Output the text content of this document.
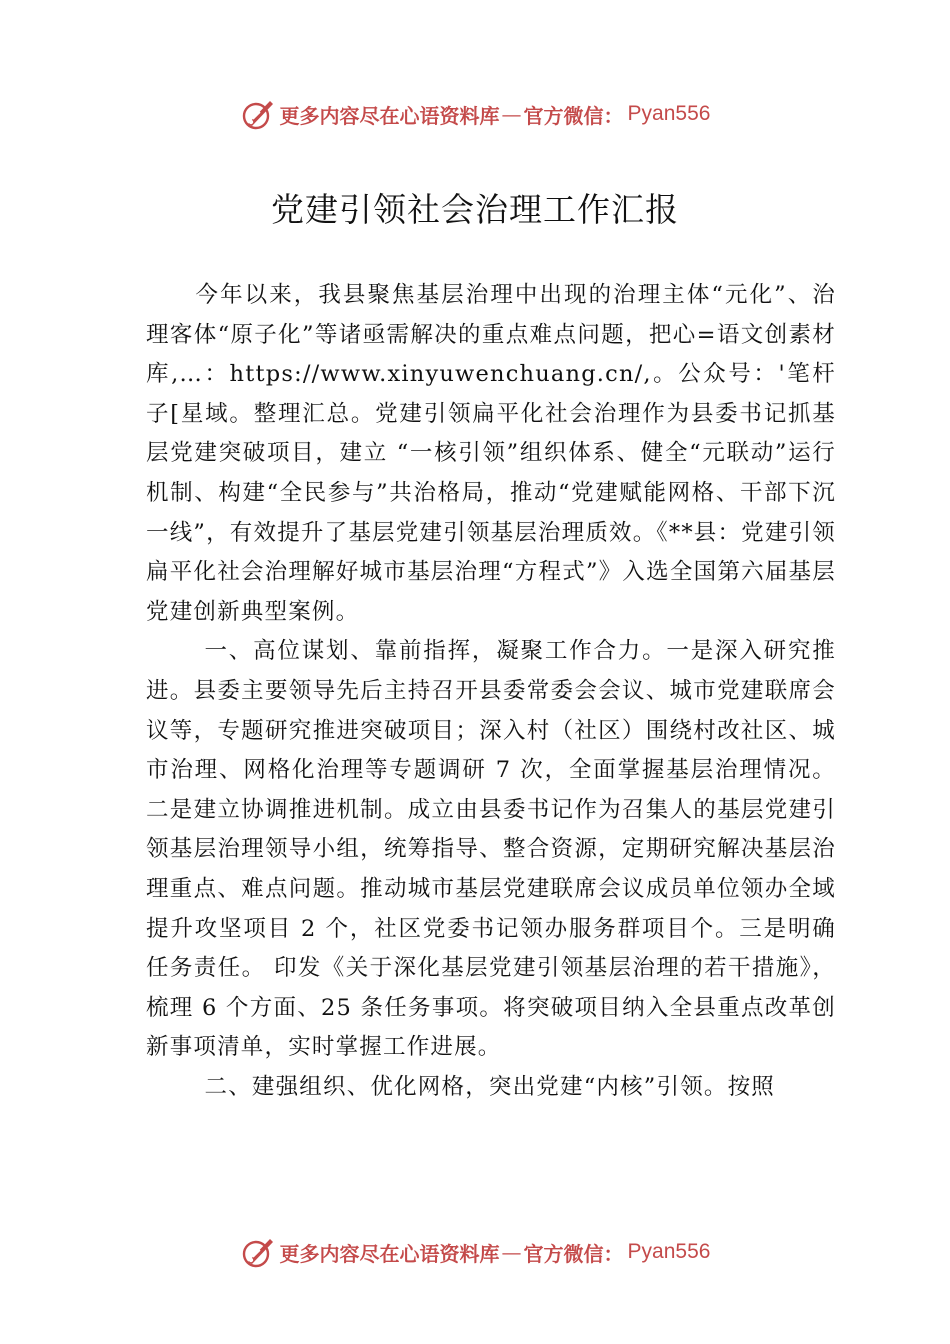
更多内容尽在心语资料库 — 官方微信： Pyan556
党建引领社会治理工作汇报

今年以来，我县聚焦基层治理中出现的治理主体“元化”、治理客体“原子化”等诸亟需解决的重点难点问题，把心=语文创素材库,…：https://www.xinyuwenchuang.cn/,。公众号：'笔杆子[星域。整理汇总。党建引领扁平化社会治理作为县委书记抓基层党建突破项目，建立 “一核引领”组织体系、健全“元联动”运行机制、构建“全民参与”共治格局，推动“党建赋能网格、干部下沉一线”，有效提升了基层党建引领基层治理质效。《**县：党建引领扁平化社会治理解好城市基层治理“方程式”》入选全国第六届基层党建创新典型案例。

一、高位谋划、靠前指挥，凝聚工作合力。一是深入研究推进。县委主要领导先后主持召开县委常委会会议、城市党建联席会议等，专题研究推进突破项目；深入村（社区）围绕村改社区、城市治理、网格化治理等专题调研 7 次，全面掌握基层治理情况。二是建立协调推进机制。成立由县委书记作为召集人的基层党建引领基层治理领导小组，统筹指导、整合资源，定期研究解决基层治理重点、难点问题。推动城市基层党建联席会议成员单位领办全域提升攻坚项目 2 个，社区党委书记领办服务群项目个。三是明确任务责任。 印发《关于深化基层党建引领基层治理的若干措施》，梳理 6 个方面、25 条任务事项。将突破项目纳入全县重点改革创新事项清单，实时掌握工作进展。

二、建强组织、优化网格，突出党建“内核”引领。按照

更多内容尽在心语资料库 — 官方微信： Pyan556
